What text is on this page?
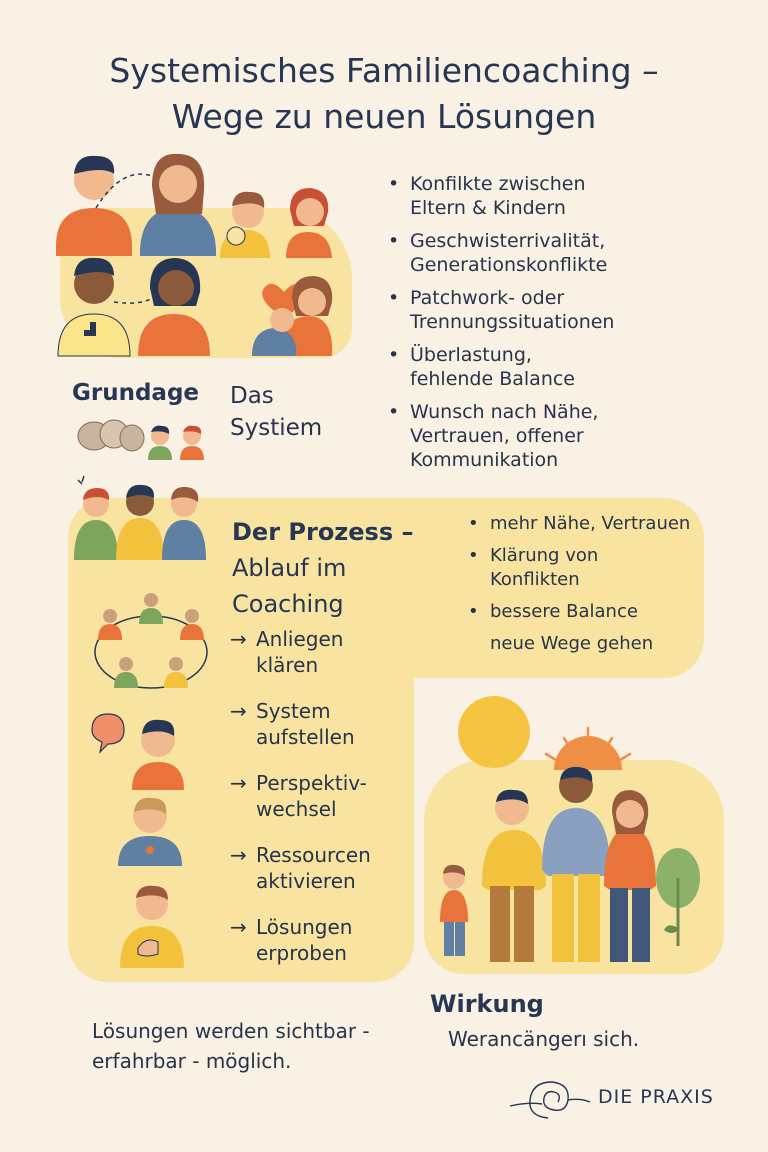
Systemisches Familiencoaching –
Wege zu neuen Lösungen
• Konfilkte zwischen
Eltern & Kindern
• Geschwisterrivalität,
Generationskonflikte
• Patchwork- oder
Trennungssituationen
• Überlastung,
fehlende Balance
• Wunsch nach Nähe,
Vertrauen, offener
Kommunikation
Grundage Das
Systiem
Der Prozess –
Ablauf im
Coaching
→ Anliegen
klären
→ System
aufstellen
→ Perspektiv-
wechsel
→ Ressourcen
aktivieren
→ Lösungen
erproben
• mehr Nähe, Vertrauen
• Klärung von
Konflikten
• bessere Balance
neue Wege gehen
Wirkung
Werancängerı sich.
Lösungen werden sichtbar -
erfahrbar - möglich.
DIE PRAXIS
